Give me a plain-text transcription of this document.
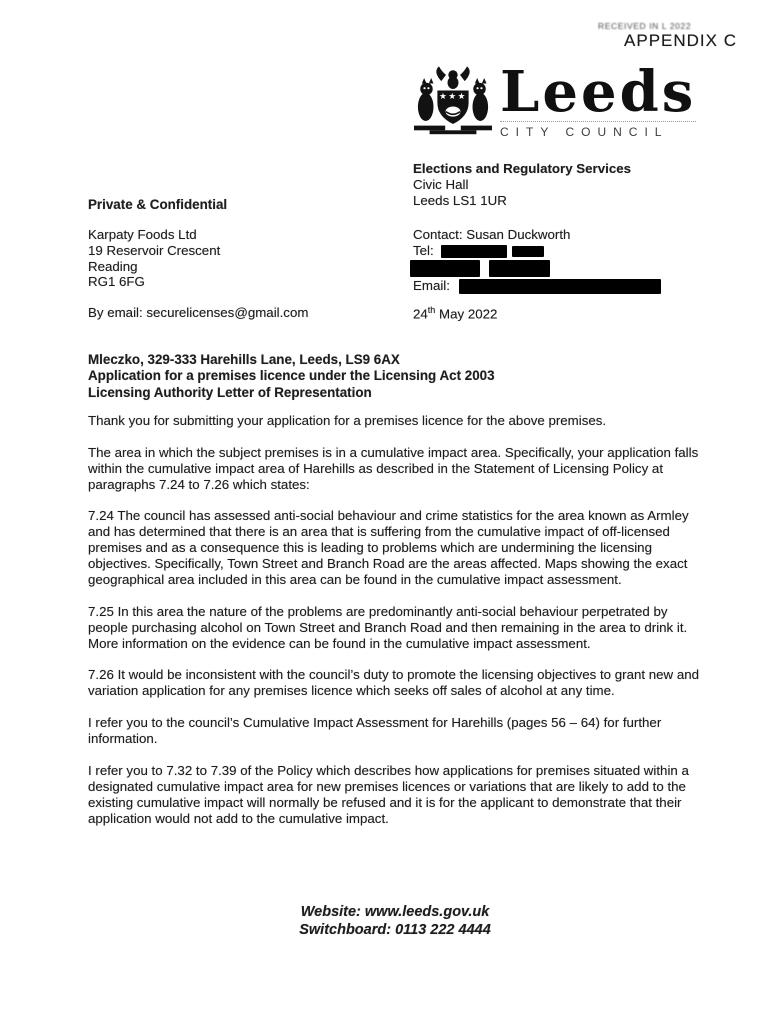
RECEIVED IN L 2022
APPENDIX C
★★★ Leeds
CITY COUNCIL
Elections and Regulatory Services
Civic Hall
Leeds LS1 1UR
Private & Confidential
Karpaty Foods Ltd
19 Reservoir Crescent
Reading
RG1 6FG
Contact: Susan Duckworth
Tel:
Email:
By email: securelicenses@gmail.com	24th May 2022
Mleczko, 329-333 Harehills Lane, Leeds, LS9 6AX
Application for a premises licence under the Licensing Act 2003
Licensing Authority Letter of Representation

Thank you for submitting your application for a premises licence for the above premises.

The area in which the subject premises is in a cumulative impact area. Specifically, your application falls within the cumulative impact area of Harehills as described in the Statement of Licensing Policy at paragraphs 7.24 to 7.26 which states:

7.24 The council has assessed anti-social behaviour and crime statistics for the area known as Armley and has determined that there is an area that is suffering from the cumulative impact of off-licensed premises and as a consequence this is leading to problems which are undermining the licensing objectives. Specifically, Town Street and Branch Road are the areas affected. Maps showing the exact geographical area included in this area can be found in the cumulative impact assessment.

7.25 In this area the nature of the problems are predominantly anti-social behaviour perpetrated by people purchasing alcohol on Town Street and Branch Road and then remaining in the area to drink it. More information on the evidence can be found in the cumulative impact assessment.

7.26 It would be inconsistent with the council’s duty to promote the licensing objectives to grant new and variation application for any premises licence which seeks off sales of alcohol at any time.

I refer you to the council’s Cumulative Impact Assessment for Harehills (pages 56 – 64) for further information.

I refer you to 7.32 to 7.39 of the Policy which describes how applications for premises situated within a designated cumulative impact area for new premises licences or variations that are likely to add to the existing cumulative impact will normally be refused and it is for the applicant to demonstrate that their application would not add to the cumulative impact.

Website: www.leeds.gov.uk
Switchboard: 0113 222 4444
